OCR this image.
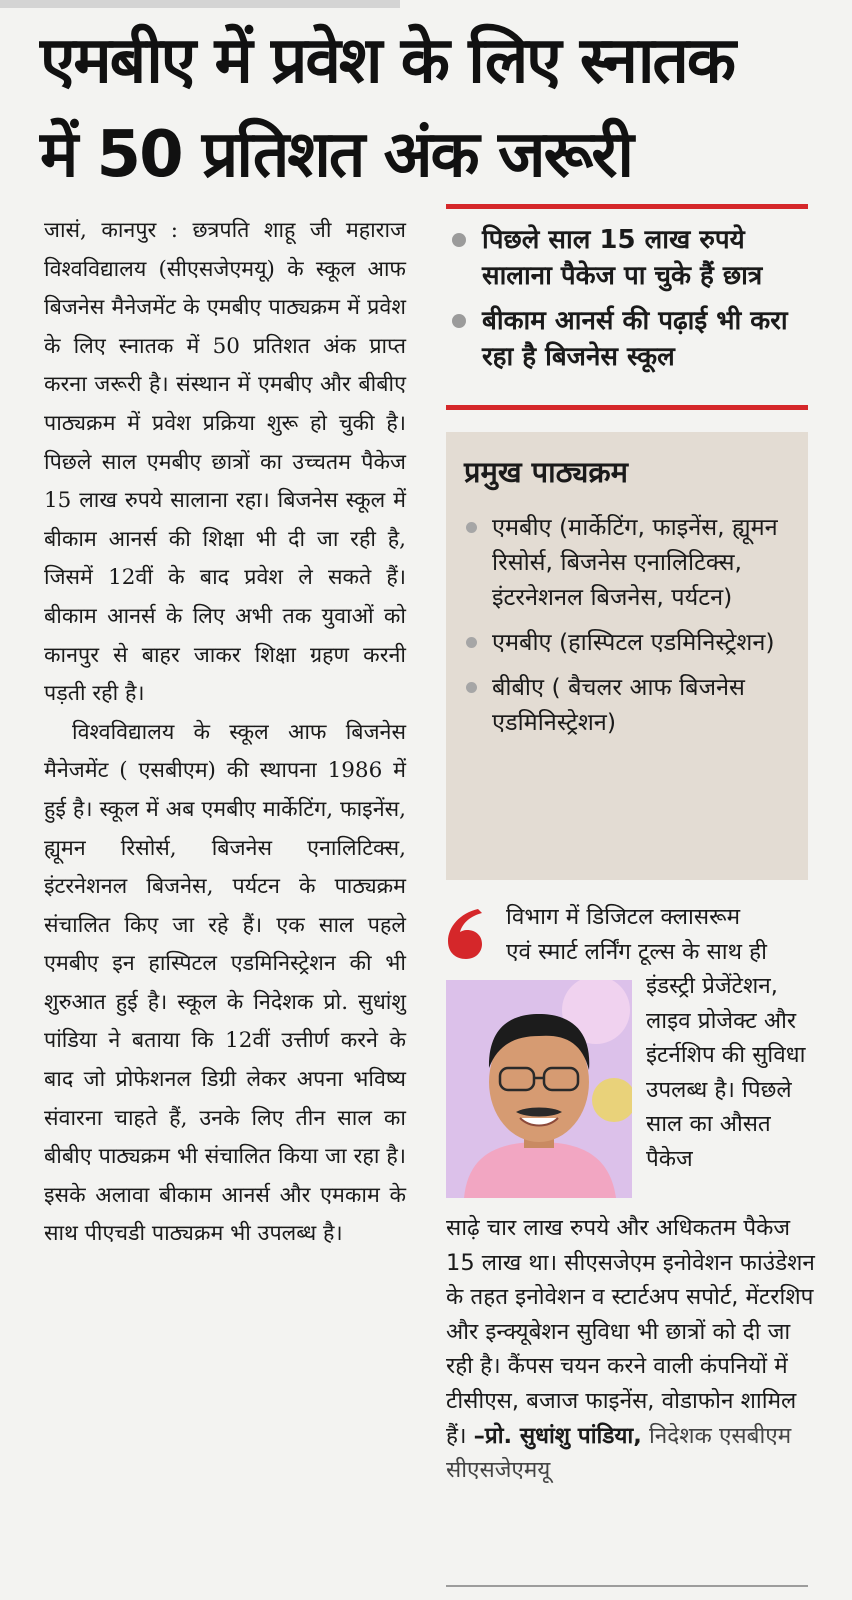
एमबीए में प्रवेश के लिए स्नातक
में 50 प्रतिशत अंक जरूरी

जासं, कानपुर : छत्रपति शाहू जी महाराज विश्वविद्यालय (सीएसजेएमयू) के स्कूल आफ बिजनेस मैनेजमेंट के एमबीए पाठ्यक्रम में प्रवेश के लिए स्नातक में 50 प्रतिशत अंक प्राप्त करना जरूरी है। संस्थान में एमबीए और बीबीए पाठ्यक्रम में प्रवेश प्रक्रिया शुरू हो चुकी है। पिछले साल एमबीए छात्रों का उच्चतम पैकेज 15 लाख रुपये सालाना रहा। बिजनेस स्कूल में बीकाम आनर्स की शिक्षा भी दी जा रही है, जिसमें 12वीं के बाद प्रवेश ले सकते हैं। बीकाम आनर्स के लिए अभी तक युवाओं को कानपुर से बाहर जाकर शिक्षा ग्रहण करनी पड़ती रही है।

विश्वविद्यालय के स्कूल आफ बिजनेस मैनेजमेंट ( एसबीएम) की स्थापना 1986 में हुई है। स्कूल में अब एमबीए मार्केटिंग, फाइनेंस, ह्यूमन रिसोर्स, बिजनेस एनालिटिक्स, इंटरनेशनल बिजनेस, पर्यटन के पाठ्यक्रम संचालित किए जा रहे हैं। एक साल पहले एमबीए इन हास्पिटल एडमिनिस्ट्रेशन की भी शुरुआत हुई है। स्कूल के निदेशक प्रो. सुधांशु पांडिया ने बताया कि 12वीं उत्तीर्ण करने के बाद जो प्रोफेशनल डिग्री लेकर अपना भविष्य संवारना चाहते हैं, उनके लिए तीन साल का बीबीए पाठ्यक्रम भी संचालित किया जा रहा है। इसके अलावा बीकाम आनर्स और एमकाम के साथ पीएचडी पाठ्यक्रम भी उपलब्ध है।

पिछले साल 15 लाख रुपये सालाना पैकेज पा चुके हैं छात्र
बीकाम आनर्स की पढ़ाई भी करा रहा है बिजनेस स्कूल
प्रमुख पाठ्यक्रम
एमबीए (मार्केटिंग, फाइनेंस, ह्यूमन रिसोर्स, बिजनेस एनालिटिक्स, इंटरनेशनल बिजनेस, पर्यटन)
एमबीए (हास्पिटल एडमिनिस्ट्रेशन)
बीबीए ( बैचलर आफ बिजनेस एडमिनिस्ट्रेशन)
विभाग में डिजिटल क्लासरूम
एवं स्मार्ट लर्निंग टूल्स के साथ ही
इंडस्ट्री प्रेजेंटेशन, लाइव प्रोजेक्ट और इंटर्नशिप की सुविधा उपलब्ध है। पिछले साल का औसत पैकेज
साढ़े चार लाख रुपये और अधिकतम पैकेज 15 लाख था। सीएसजेएम इनोवेशन फाउंडेशन के तहत इनोवेशन व स्टार्टअप सपोर्ट, मेंटरशिप और इन्क्यूबेशन सुविधा भी छात्रों को दी जा रही है। कैंपस चयन करने वाली कंपनियों में टीसीएस, बजाज फाइनेंस, वोडाफोन शामिल हैं। –प्रो. सुधांशु पांडिया, निदेशक एसबीएम सीएसजेएमयू
